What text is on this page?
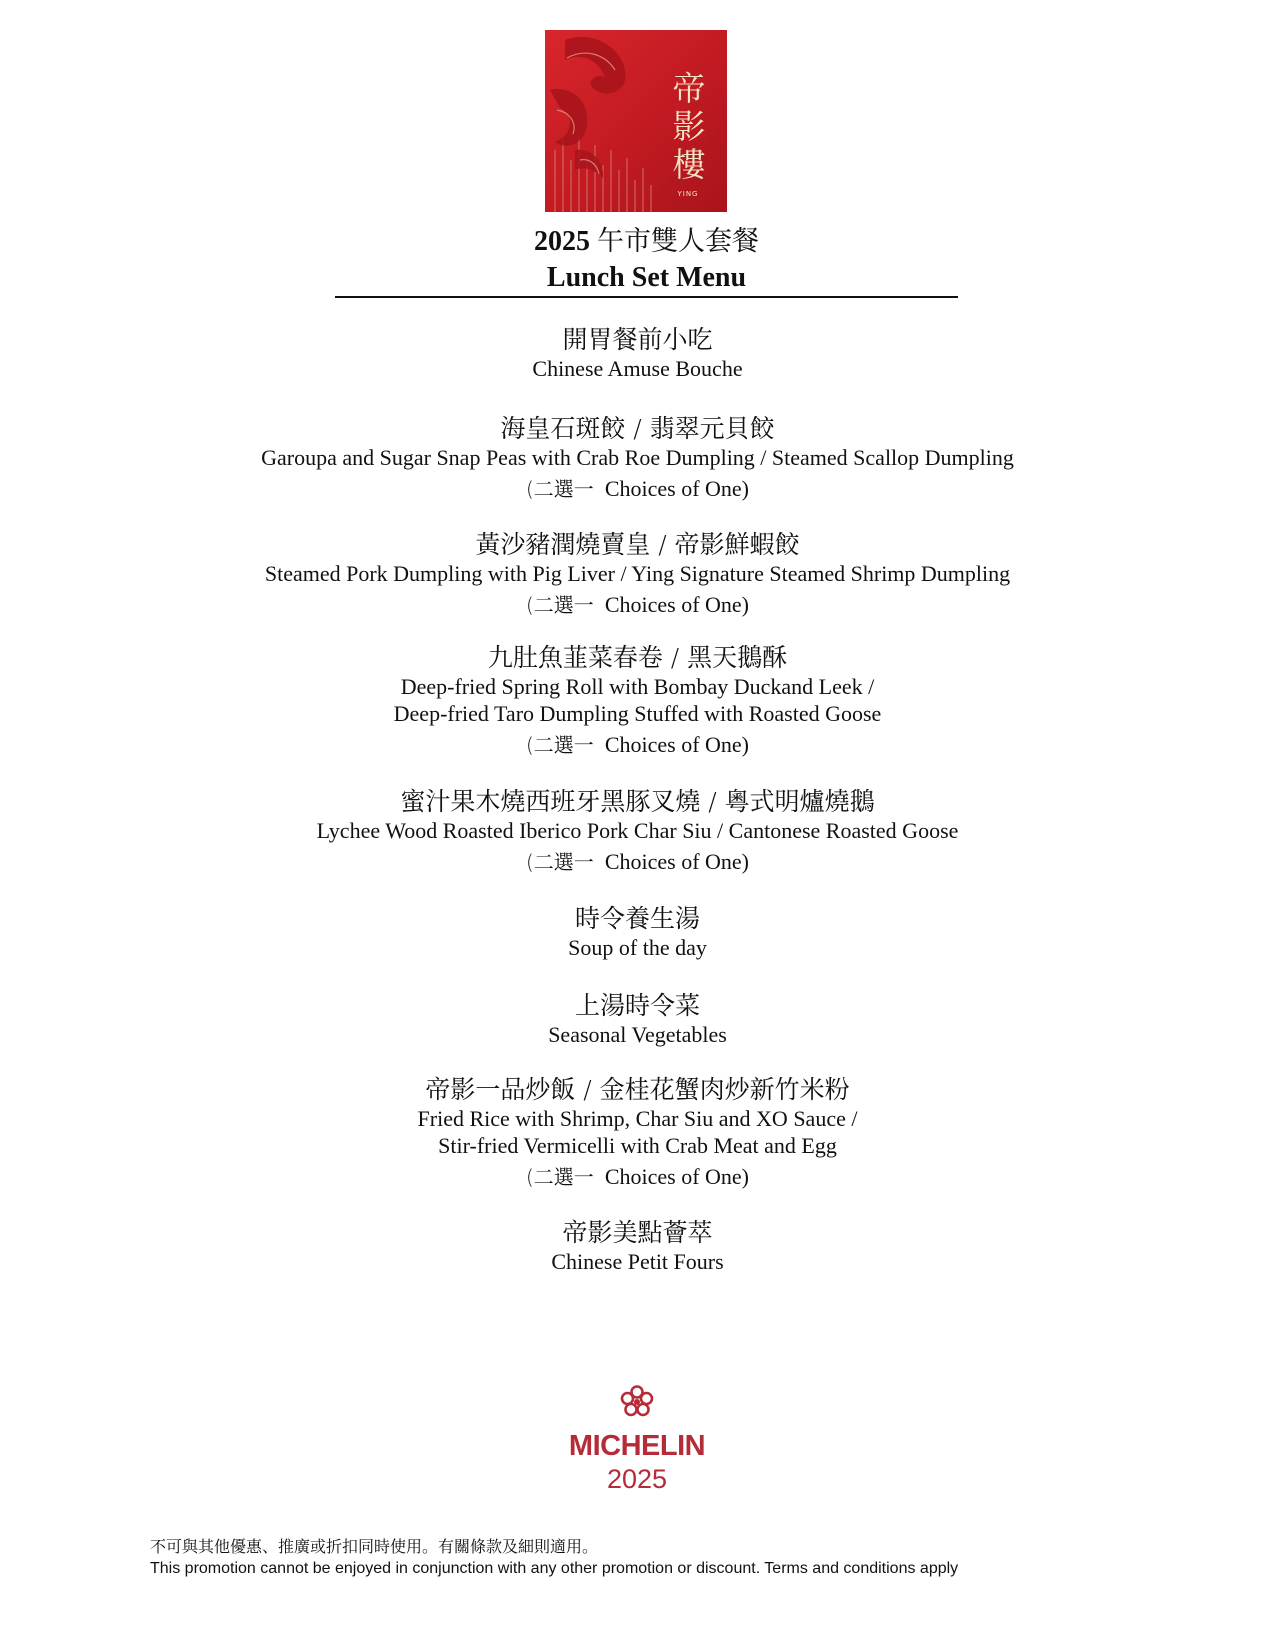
帝
影
樓
YING
2025 午市雙人套餐
Lunch Set Menu
開胃餐前小吃
Chinese Amuse Bouche
海皇石斑餃 / 翡翠元貝餃
Garoupa and Sugar Snap Peas with Crab Roe Dumpling / Steamed Scallop Dumpling
(二選一 Choices of One)
黃沙豬潤燒賣皇 / 帝影鮮蝦餃
Steamed Pork Dumpling with Pig Liver / Ying Signature Steamed Shrimp Dumpling
(二選一 Choices of One)
九肚魚韮菜春卷 / 黑天鵝酥
Deep-fried Spring Roll with Bombay Duckand Leek /
Deep-fried Taro Dumpling Stuffed with Roasted Goose
(二選一 Choices of One)
蜜汁果木燒西班牙黑豚叉燒 / 粵式明爐燒鵝
Lychee Wood Roasted Iberico Pork Char Siu / Cantonese Roasted Goose
(二選一 Choices of One)
時令養生湯
Soup of the day
上湯時令菜
Seasonal Vegetables
帝影一品炒飯 / 金桂花蟹肉炒新竹米粉
Fried Rice with Shrimp, Char Siu and XO Sauce /
Stir-fried Vermicelli with Crab Meat and Egg
(二選一 Choices of One)
帝影美點薈萃
Chinese Petit Fours
MICHELIN
2025
不可與其他優惠、推廣或折扣同時使用。有關條款及細則適用。
This promotion cannot be enjoyed in conjunction with any other promotion or discount. Terms and conditions apply
